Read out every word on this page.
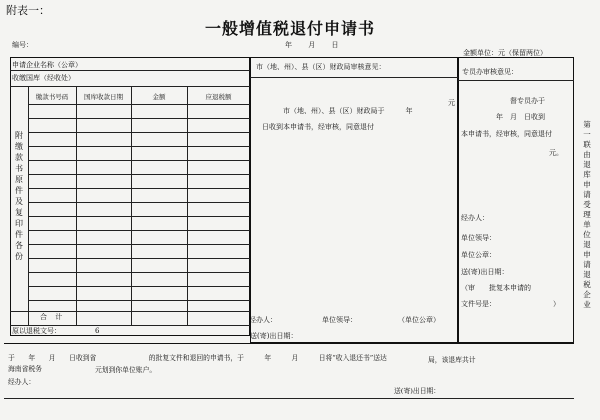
附表一：
一般增值税退付申请书
编号：	年 月 日
金额单位：元（保留两位）
申请企业名称（公章）
收缴国库（经收处）
附缴款书原件及复印件各份
缴款书号码	国库收款日期	金额	应退税额
合 计
原以退税文号：	6
市（地、州）、县（区）财政局审核意见：
市（地、州）、县（区）财政局于　　　年
日收到本申请书，经审核，同意退付
元
经办人：	单位领导：	（单位公章）
送(寄)出日期：
专员办审核意见：
督专员办于
年　月　日收到
本申请书，经审核，同意退付
元。
经办人：
单位领导：
单位公章：
送(寄)出日期：
（审　　批复本申请的
文件号是：	）
第一联 由退库申请受理单位退申请退税企业
于　　年　　月　　日收到省	　的批复文件和退回的申请书，于　　　年　　　月　　　日将“收入退还书”送达	局，该退库共计
海南省税务	元划到你单位账户。
经办人：
送(寄)出日期：
